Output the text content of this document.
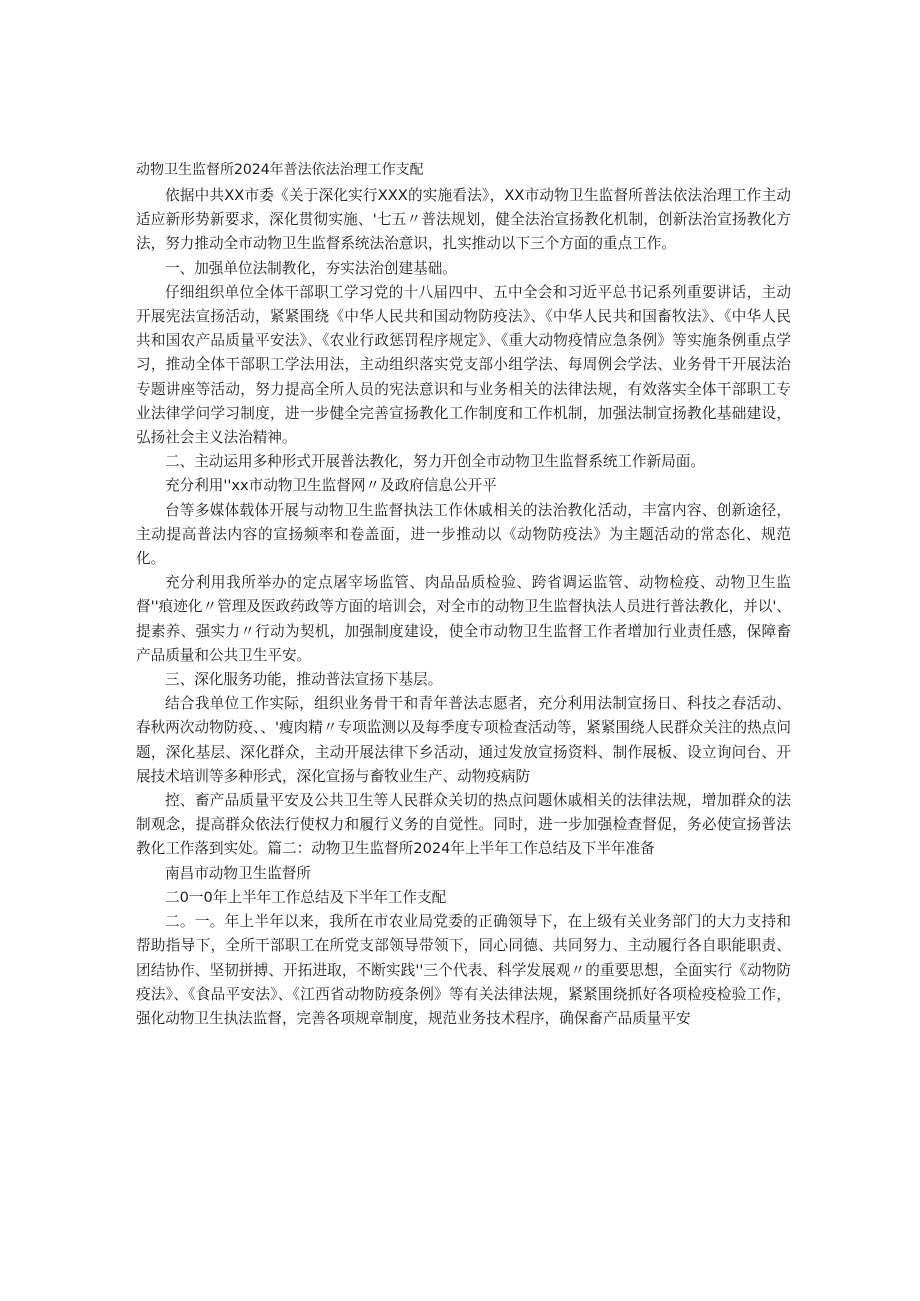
动物卫生监督所2024年普法依法治理工作支配

依据中共XX市委《关于深化实行XXX的实施看法》，XX市动物卫生监督所普法依法治理工作主动适应新形势新要求，深化贯彻实施、'七五〃普法规划，健全法治宣扬教化机制，创新法治宣扬教化方法，努力推动全市动物卫生监督系统法治意识，扎实推动以下三个方面的重点工作。

一、加强单位法制教化，夯实法治创建基础。

仔细组织单位全体干部职工学习党的十八届四中、五中全会和习近平总书记系列重要讲话，主动开展宪法宣扬活动，紧紧围绕《中华人民共和国动物防疫法》、《中华人民共和国畜牧法》、《中华人民共和国农产品质量平安法》、《农业行政惩罚程序规定》、《重大动物疫情应急条例》等实施条例重点学习，推动全体干部职工学法用法，主动组织落实党支部小组学法、每周例会学法、业务骨干开展法治专题讲座等活动，努力提高全所人员的宪法意识和与业务相关的法律法规，有效落实全体干部职工专业法律学问学习制度，进一步健全完善宣扬教化工作制度和工作机制，加强法制宣扬教化基础建设，弘扬社会主义法治精神。

二、主动运用多种形式开展普法教化，努力开创全市动物卫生监督系统工作新局面。

充分利用''xx市动物卫生监督网〃及政府信息公开平

台等多媒体载体开展与动物卫生监督执法工作休戚相关的法治教化活动，丰富内容、创新途径，主动提高普法内容的宣扬频率和卷盖面，进一步推动以《动物防疫法》为主题活动的常态化、规范化。

充分利用我所举办的定点屠宰场监管、肉品品质检验、跨省调运监管、动物检疫、动物卫生监督''痕迹化〃管理及医政药政等方面的培训会，对全市的动物卫生监督执法人员进行普法教化，并以'、提素养、强实力〃行动为契机，加强制度建设，使全市动物卫生监督工作者增加行业责任感，保障畜产品质量和公共卫生平安。

三、深化服务功能，推动普法宣扬下基层。

结合我单位工作实际，组织业务骨干和青年普法志愿者，充分利用法制宣扬日、科技之春活动、春秋两次动物防疫、、'瘦肉精〃专项监测以及每季度专项检查活动等，紧紧围绕人民群众关注的热点问题，深化基层、深化群众，主动开展法律下乡活动，通过发放宣扬资料、制作展板、设立询问台、开展技术培训等多种形式，深化宣扬与畜牧业生产、动物疫病防

控、畜产品质量平安及公共卫生等人民群众关切的热点问题休戚相关的法律法规，增加群众的法制观念，提高群众依法行使权力和履行义务的自觉性。同时，进一步加强检查督促，务必使宣扬普法教化工作落到实处。篇二：动物卫生监督所2024年上半年工作总结及下半年准备

南昌市动物卫生监督所

二0一0年上半年工作总结及下半年工作支配

二。一。年上半年以来，我所在市农业局党委的正确领导下，在上级有关业务部门的大力支持和帮助指导下，全所干部职工在所党支部领导带领下，同心同德、共同努力、主动履行各自职能职责、团结协作、坚韧拼搏、开拓进取，不断实践''三个代表、科学发展观〃的重要思想，全面实行《动物防疫法》、《食品平安法》、《江西省动物防疫条例》等有关法律法规，紧紧围绕抓好各项检疫检验工作，强化动物卫生执法监督，完善各项规章制度，规范业务技术程序，确保畜产品质量平安
